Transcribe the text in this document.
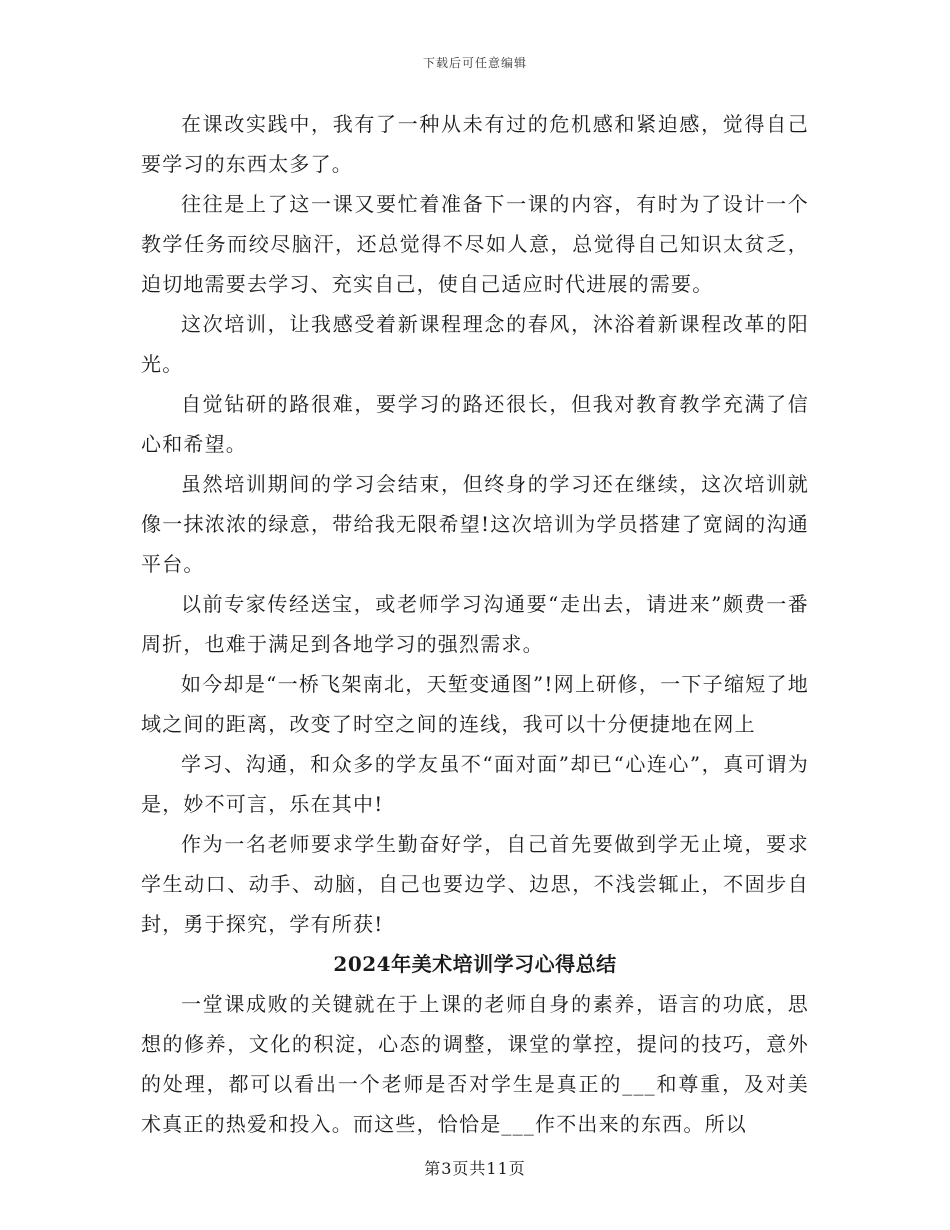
下载后可任意编辑

在课改实践中，我有了一种从未有过的危机感和紧迫感，觉得自己要学习的东西太多了。

往往是上了这一课又要忙着准备下一课的内容，有时为了设计一个教学任务而绞尽脑汗，还总觉得不尽如人意，总觉得自己知识太贫乏，迫切地需要去学习、充实自己，使自己适应时代进展的需要。

这次培训，让我感受着新课程理念的春风，沐浴着新课程改革的阳光。

自觉钻研的路很难，要学习的路还很长，但我对教育教学充满了信心和希望。

虽然培训期间的学习会结束，但终身的学习还在继续，这次培训就像一抹浓浓的绿意，带给我无限希望!这次培训为学员搭建了宽阔的沟通平台。

以前专家传经送宝，或老师学习沟通要“走出去，请进来”颇费一番周折，也难于满足到各地学习的强烈需求。

如今却是“一桥飞架南北，天堑变通图”!网上研修，一下子缩短了地域之间的距离，改变了时空之间的连线，我可以十分便捷地在网上

学习、沟通，和众多的学友虽不“面对面”却已“心连心”，真可谓为是，妙不可言，乐在其中!

作为一名老师要求学生勤奋好学，自己首先要做到学无止境，要求学生动口、动手、动脑，自己也要边学、边思，不浅尝辄止，不固步自封，勇于探究，学有所获!

2024年美术培训学习心得总结

一堂课成败的关键就在于上课的老师自身的素养，语言的功底，思想的修养，文化的积淀，心态的调整，课堂的掌控，提问的技巧，意外的处理，都可以看出一个老师是否对学生是真正的___和尊重，及对美术真正的热爱和投入。而这些，恰恰是___作不出来的东西。所以

第3页共11页
